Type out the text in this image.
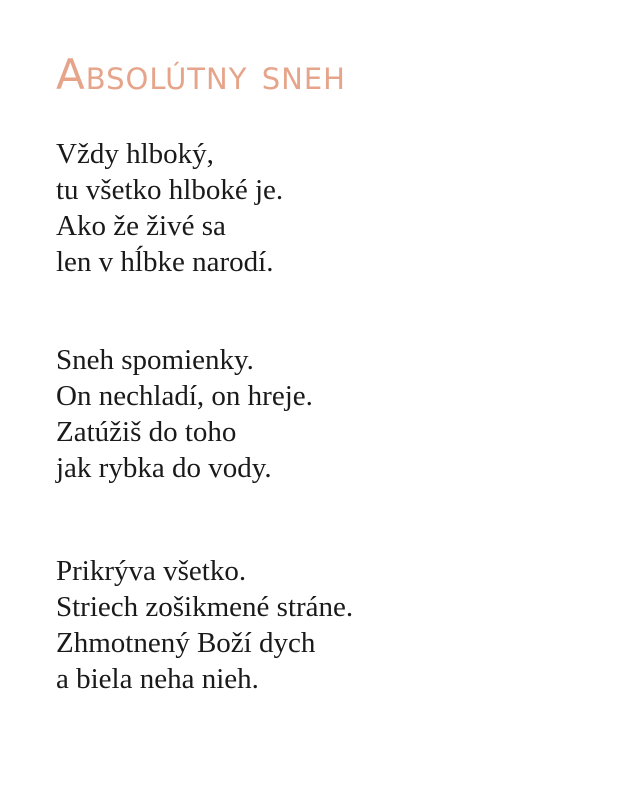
Absolútny sneh
Vždy hlboký,
tu všetko hlboké je.
Ako že živé sa
len v hĺbke narodí.
Sneh spomienky.
On nechladí, on hreje.
Zatúžiš do toho
jak rybka do vody.
Prikrýva všetko.
Striech zošikmené stráne.
Zhmotnený Boží dych
a biela neha nieh.
